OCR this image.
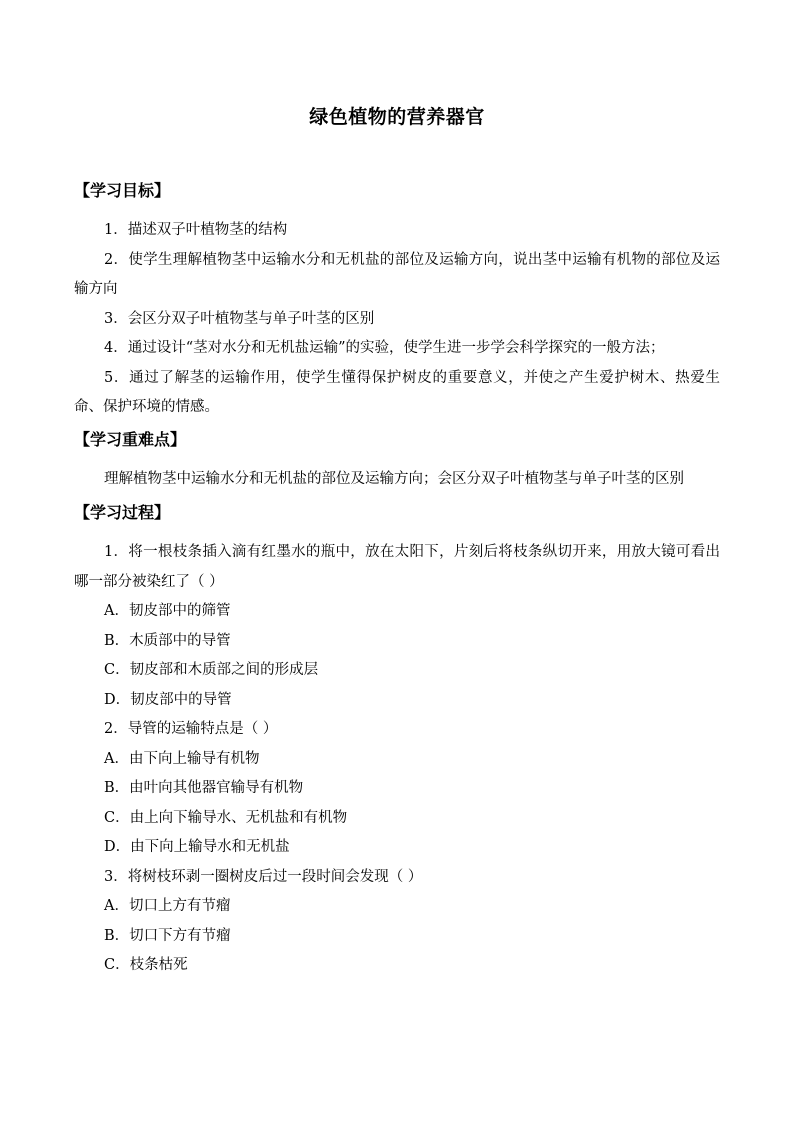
绿色植物的营养器官
【学习目标】

1．描述双子叶植物茎的结构

2．使学生理解植物茎中运输水分和无机盐的部位及运输方向，说出茎中运输有机物的部位及运输方向

3．会区分双子叶植物茎与单子叶茎的区别

4．通过设计“茎对水分和无机盐运输”的实验，使学生进一步学会科学探究的一般方法；

5．通过了解茎的运输作用，使学生懂得保护树皮的重要意义，并使之产生爱护树木、热爱生命、保护环境的情感。

【学习重难点】

理解植物茎中运输水分和无机盐的部位及运输方向；会区分双子叶植物茎与单子叶茎的区别

【学习过程】

1．将一根枝条插入滴有红墨水的瓶中，放在太阳下，片刻后将枝条纵切开来，用放大镜可看出哪一部分被染红了（ ）

A．韧皮部中的筛管

B．木质部中的导管

C．韧皮部和木质部之间的形成层

D．韧皮部中的导管

2．导管的运输特点是（ ）

A．由下向上输导有机物

B．由叶向其他器官输导有机物

C．由上向下输导水、无机盐和有机物

D．由下向上输导水和无机盐

3．将树枝环剥一圈树皮后过一段时间会发现（ ）

A．切口上方有节瘤

B．切口下方有节瘤

C．枝条枯死
